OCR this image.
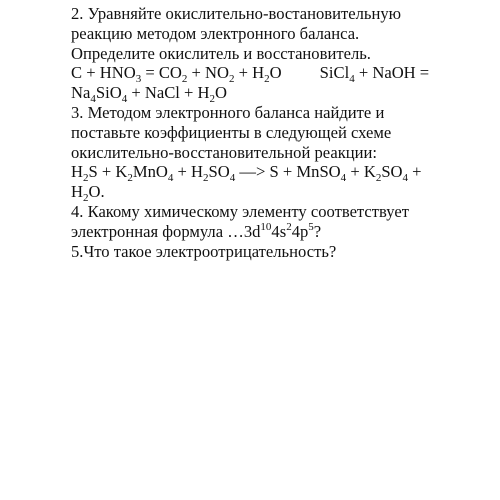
2. Уравняйте окислительно-востановительную
реакцию методом электронного баланса.
Определите окислитель и восстановитель.
$C + HNO_3 = CO_2 + NO_2 + H_2O$ SiCl$_4$ + NaOH =
$Na_4SiO_4$ + NaCl + $H_2O$
3. Методом электронного баланса найдите и
поставьте коэффициенты в следующей схеме
окислительно-восстановительной реакции:
$H_2S + K_2MnO_4 + H_2SO_4$ —> S + MnSO$_4$ + $K_2SO_4$ +
$H_2O$.
4. Какому химическому элементу соответствует
электронная формула $\dots 3d^{10}4s^24p^5$?
5.Что такое электроотрицательность?
